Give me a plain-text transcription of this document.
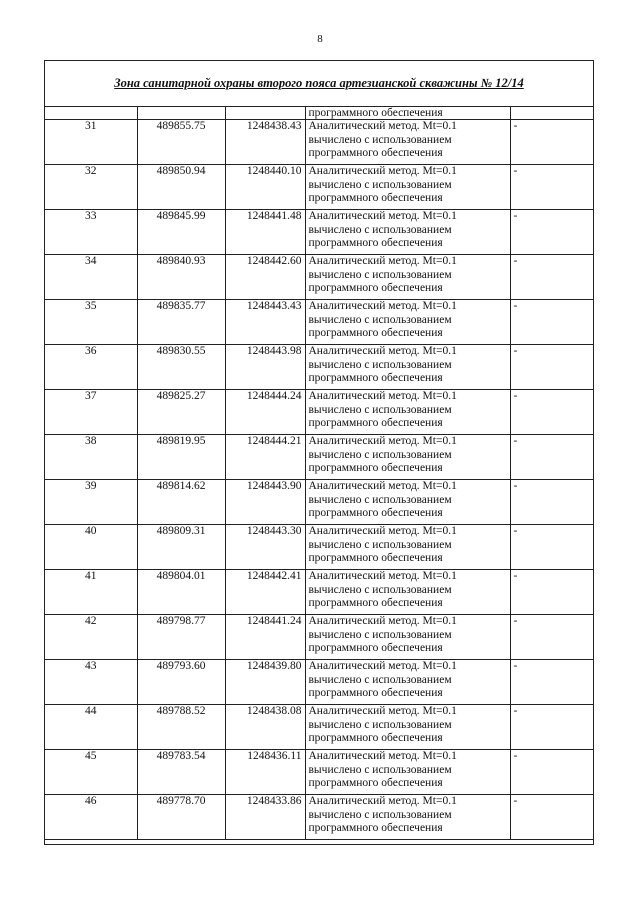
8
Зона санитарной охраны второго пояса артезианской скважины № 12/14
			программного обеспечения	
31	489855.75	1248438.43	Аналитический метод. Mt=0.1
вычислено с использованием
программного обеспечения	-
32	489850.94	1248440.10	Аналитический метод. Mt=0.1
вычислено с использованием
программного обеспечения	-
33	489845.99	1248441.48	Аналитический метод. Mt=0.1
вычислено с использованием
программного обеспечения	-
34	489840.93	1248442.60	Аналитический метод. Mt=0.1
вычислено с использованием
программного обеспечения	-
35	489835.77	1248443.43	Аналитический метод. Mt=0.1
вычислено с использованием
программного обеспечения	-
36	489830.55	1248443.98	Аналитический метод. Mt=0.1
вычислено с использованием
программного обеспечения	-
37	489825.27	1248444.24	Аналитический метод. Mt=0.1
вычислено с использованием
программного обеспечения	-
38	489819.95	1248444.21	Аналитический метод. Mt=0.1
вычислено с использованием
программного обеспечения	-
39	489814.62	1248443.90	Аналитический метод. Mt=0.1
вычислено с использованием
программного обеспечения	-
40	489809.31	1248443.30	Аналитический метод. Mt=0.1
вычислено с использованием
программного обеспечения	-
41	489804.01	1248442.41	Аналитический метод. Mt=0.1
вычислено с использованием
программного обеспечения	-
42	489798.77	1248441.24	Аналитический метод. Mt=0.1
вычислено с использованием
программного обеспечения	-
43	489793.60	1248439.80	Аналитический метод. Mt=0.1
вычислено с использованием
программного обеспечения	-
44	489788.52	1248438.08	Аналитический метод. Mt=0.1
вычислено с использованием
программного обеспечения	-
45	489783.54	1248436.11	Аналитический метод. Mt=0.1
вычислено с использованием
программного обеспечения	-
46	489778.70	1248433.86	Аналитический метод. Mt=0.1
вычислено с использованием
программного обеспечения	-
